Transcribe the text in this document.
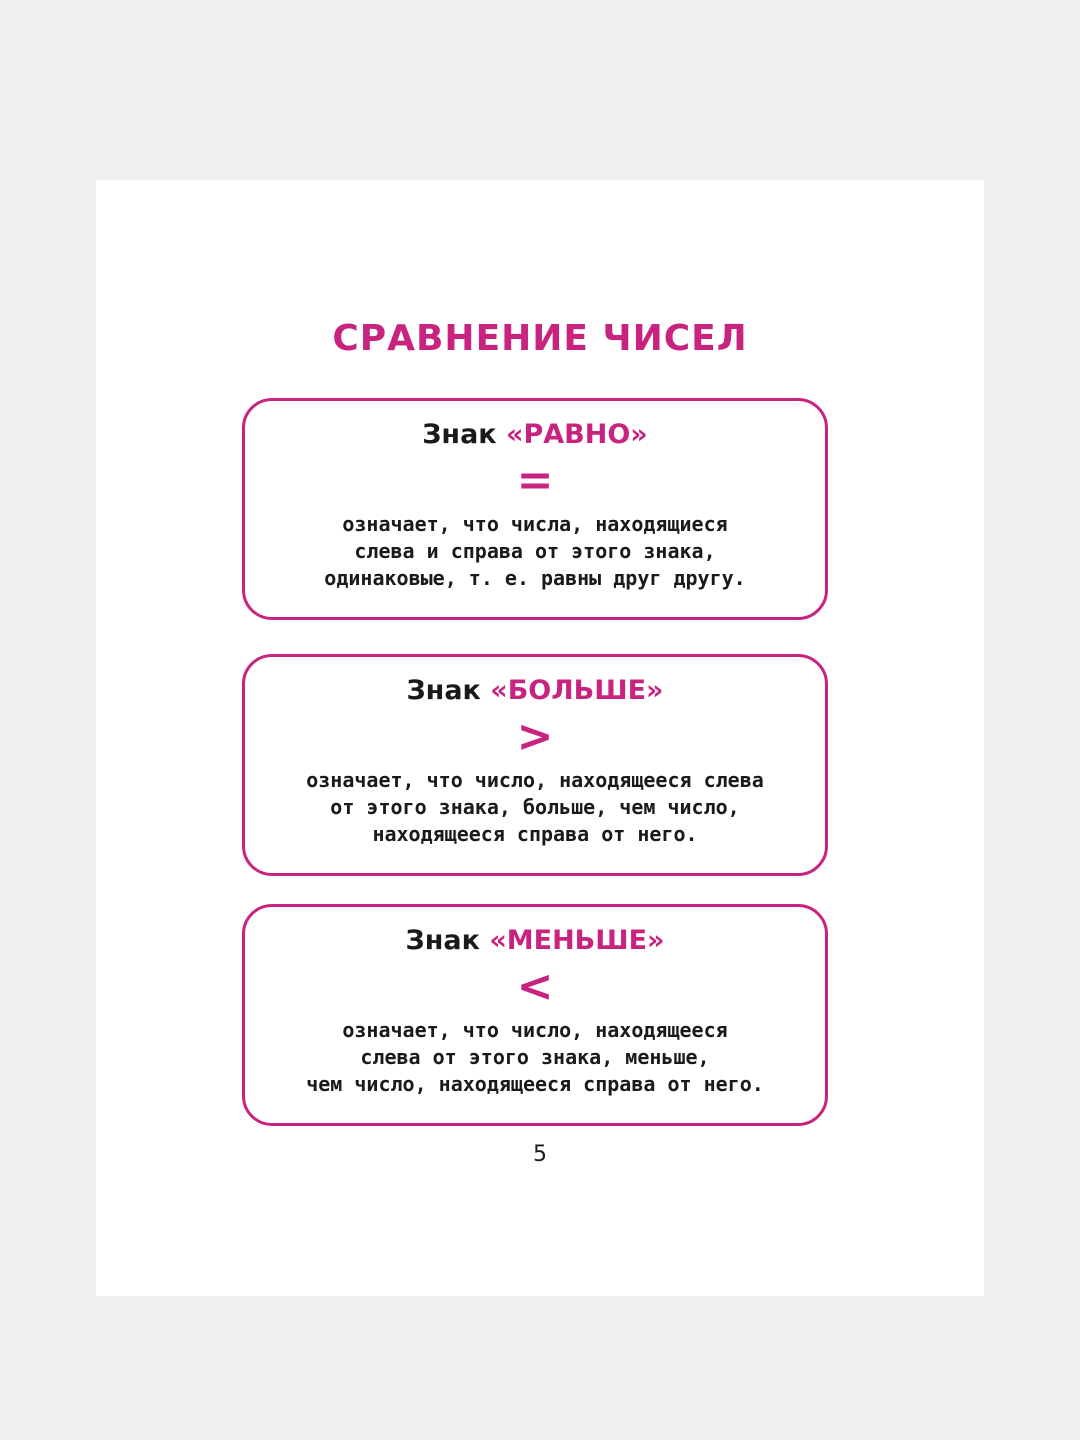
СРАВНЕНИЕ ЧИСЕЛ
Знак «РАВНО»
=
означает, что числа, находящиеся
слева и справа от этого знака,
одинаковые, т. е. равны друг другу.
Знак «БОЛЬШЕ»
>
означает, что число, находящееся слева
от этого знака, больше, чем число,
находящееся справа от него.
Знак «МЕНЬШЕ»
<
означает, что число, находящееся
слева от этого знака, меньше,
чем число, находящееся справа от него.
5
